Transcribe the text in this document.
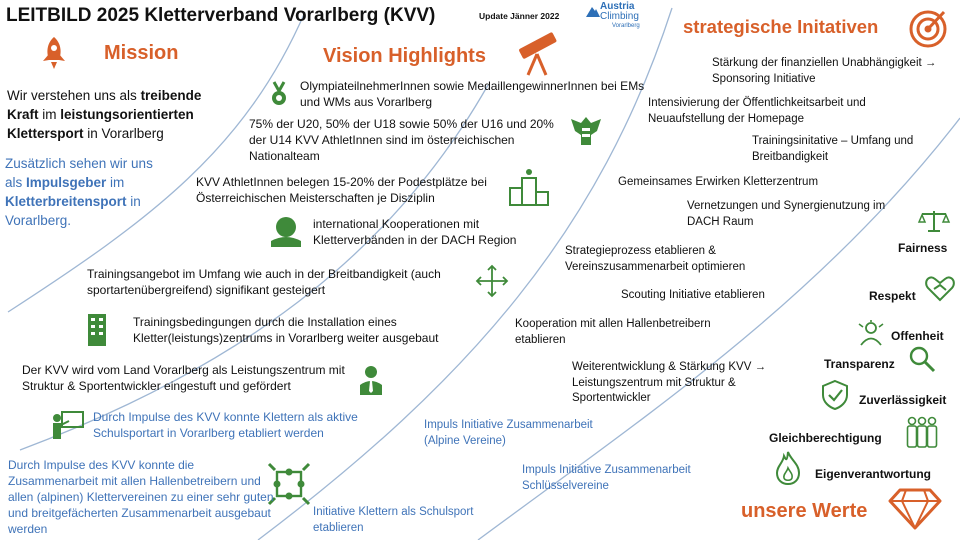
LEITBILD 2025 Kletterverband Vorarlberg (KVV)	Update Jänner 2022
Austria
Climbing
Vorarlberg
Mission
Wir verstehen uns als treibende Kraft im leistungsorientierten Klettersport in Vorarlberg
Zusätzlich sehen wir uns als Impulsgeber im Kletterbreitensport in Vorarlberg.
Vision Highlights
OlympiateilnehmerInnen sowie MedaillengewinnerInnen bei EMs und WMs aus Vorarlberg
75% der U20, 50% der U18 sowie 50% der U16 und 20% der U14 KVV AthletInnen sind im österreichischen Nationalteam
KVV AthletInnen belegen 15-20% der Podestplätze bei Österreichischen Meisterschaften je Disziplin
international Kooperationen mit Kletterverbänden in der DACH Region
Trainingsangebot im Umfang wie auch in der Breitbandigkeit (auch sportartenübergreifend) signifikant gesteigert
Trainingsbedingungen durch die Installation eines Kletter(leistungs)zentrums in Vorarlberg weiter ausgebaut
Der KVV wird vom Land Vorarlberg als Leistungszentrum mit Struktur & Sportentwickler eingestuft und gefördert
Durch Impulse des KVV konnte Klettern als aktive Schulsportart in Vorarlberg etabliert werden
Durch Impulse des KVV konnte die Zusammenarbeit mit allen Hallenbetreibern und allen (alpinen) Klettervereinen zu einer sehr guten und breitgefächerten Zusammenarbeit ausgebaut werden
strategische Initativen
Stärkung der finanziellen Unabhängigkeit → Sponsoring Initiative
Intensivierung der Öffentlichkeitsarbeit und Neuaufstellung der Homepage
Trainingsinitative – Umfang und Breitbandigkeit
Gemeinsames Erwirken Kletterzentrum
Vernetzungen und Synergienutzung im DACH Raum
Strategieprozess etablieren & Vereinszusammenarbeit optimieren
Scouting Initiative etablieren
Kooperation mit allen Hallenbetreibern etablieren
Weiterentwicklung & Stärkung KVV → Leistungszentrum mit Struktur & Sportentwickler
Impuls Initiative Zusammenarbeit (Alpine Vereine)
Impuls Initiative Zusammenarbeit Schlüsselvereine
Initiative Klettern als Schulsport etablieren
Fairness
Respekt
Offenheit
Transparenz
Zuverlässigkeit
Gleichberechtigung
Eigenverantwortung
unsere Werte
